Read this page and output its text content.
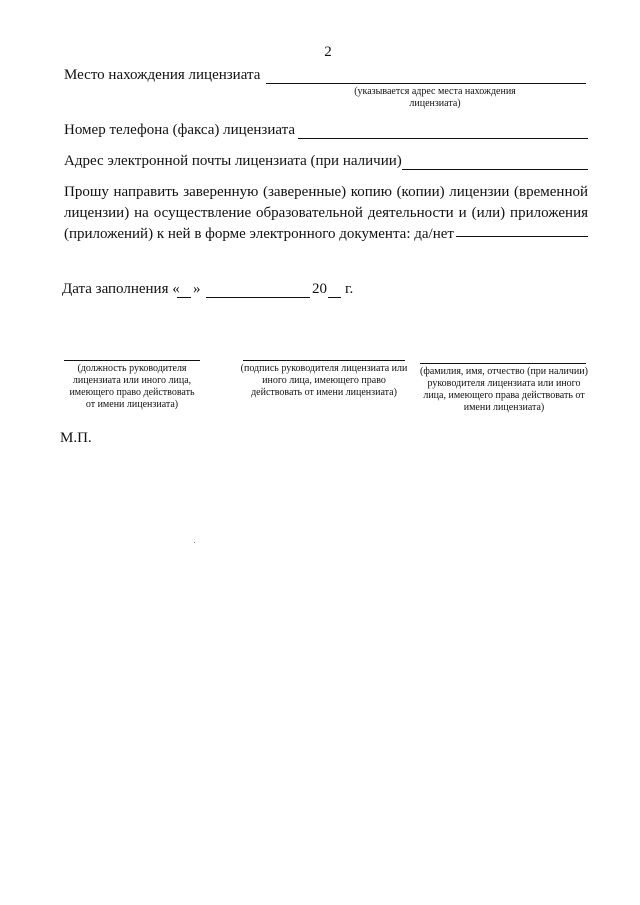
2
Место нахождения лицензиата
(указывается адрес места нахождения лицензиата)
Номер телефона (факса) лицензиата
Адрес электронной почты лицензиата (при наличии)
Прошу направить заверенную (заверенные) копию (копии) лицензии (временной лицензии) на осуществление образовательной деятельности и (или) приложения (приложений) к ней в форме электронного документа: да/нет
Дата заполнения « »	20 г.
(должность руководителя лицензиата или иного лица, имеющего право действовать от имени лицензиата)
(подпись руководителя лицензиата или иного лица, имеющего право действовать от имени лицензиата)
(фамилия, имя, отчество (при наличии) руководителя лицензиата или иного лица, имеющего права действовать от имени лицензиата)
М.П.
